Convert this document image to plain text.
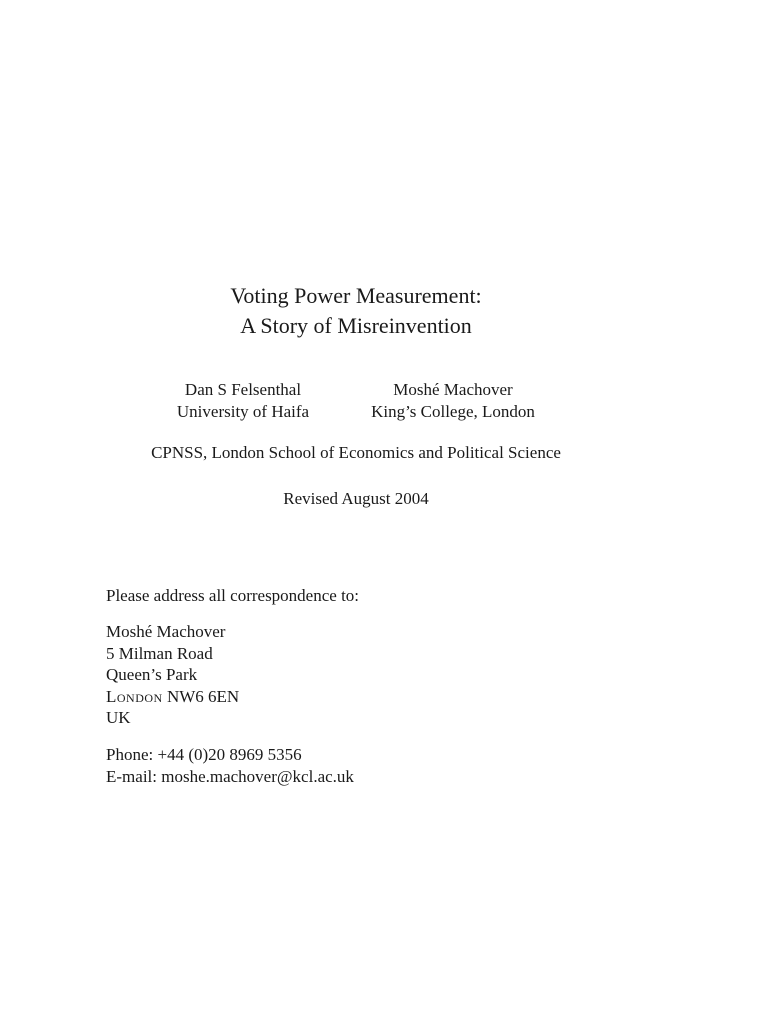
Voting Power Measurement:
A Story of Misreinvention
Dan S Felsenthal
University of Haifa
Moshé Machover
King’s College, London
CPNSS, London School of Economics and Political Science
Revised August 2004
Please address all correspondence to:
Moshé Machover
5 Milman Road
Queen’s Park
London NW6 6EN
UK
Phone: +44 (0)20 8969 5356
E-mail: moshe.machover@kcl.ac.uk
